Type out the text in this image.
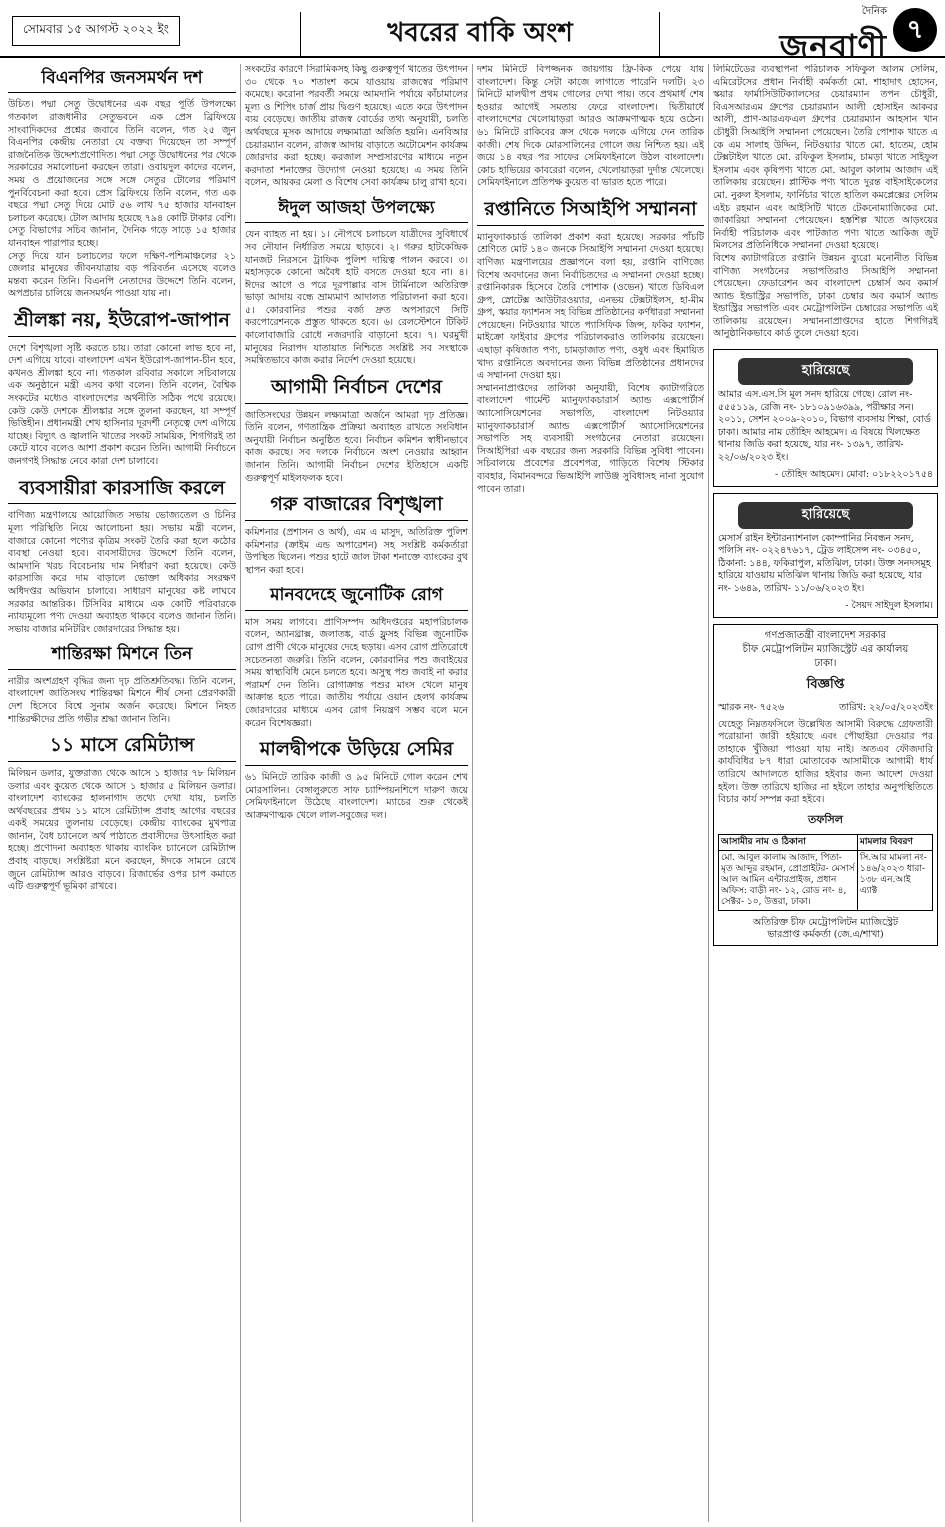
সোমবার ১৫ আগস্ট ২০২২ ইং	খবরের বাকি অংশ
দৈনিক
জনবাণী ৭
বিএনপির জনসমর্থন দশ
উচিত। পদ্মা সেতু উদ্বোধনের এক বছর পূর্তি উপলক্ষ্যে গতকাল রাজধানীর সেতুভবনে এক প্রেস ব্রিফিংয়ে সাংবাদিকদের প্রশ্নের জবাবে তিনি বলেন, গত ২৫ জুন বিএনপির কেন্দ্রীয় নেতারা যে বক্তব্য দিয়েছেন তা সম্পূর্ণ রাজনৈতিক উদ্দেশ্যপ্রণোদিত। পদ্মা সেতু উদ্বোধনের পর থেকে সরকারের সমালোচনা করছেন তারা। ওবায়দুল কাদের বলেন, সময় ও প্রয়োজনের সঙ্গে সঙ্গে সেতুর টোলের পরিমাণ পুনর্বিবেচনা করা হবে। প্রেস ব্রিফিংয়ে তিনি বলেন, গত এক বছরে পদ্মা সেতু দিয়ে মোট ৫৬ লাখ ৭৫ হাজার যানবাহন চলাচল করেছে। টোল আদায় হয়েছে ৭৯৪ কোটি টাকার বেশি। সেতু বিভাগের সচিব জানান, দৈনিক গড়ে সাড়ে ১৫ হাজার যানবাহন পারাপার হচ্ছে।
সেতু দিয়ে যান চলাচলের ফলে দক্ষিণ-পশ্চিমাঞ্চলের ২১ জেলার মানুষের জীবনযাত্রায় বড় পরিবর্তন এসেছে বলেও মন্তব্য করেন তিনি। বিএনপি নেতাদের উদ্দেশে তিনি বলেন, অপপ্রচার চালিয়ে জনসমর্থন পাওয়া যায় না।
শ্রীলঙ্কা নয়, ইউরোপ-জাপান
দেশে বিশৃঙ্খলা সৃষ্টি করতে চায়। তারা কোনো লাভ হবে না, দেশ এগিয়ে যাবে। বাংলাদেশ এখন ইউরোপ-জাপান-চীন হবে, কখনও শ্রীলঙ্কা হবে না। গতকাল রবিবার সকালে সচিবালয়ে এক অনুষ্ঠানে মন্ত্রী এসব কথা বলেন। তিনি বলেন, বৈশ্বিক সংকটের মধ্যেও বাংলাদেশের অর্থনীতি সঠিক পথে রয়েছে। কেউ কেউ দেশকে শ্রীলঙ্কার সঙ্গে তুলনা করছেন, যা সম্পূর্ণ ভিত্তিহীন। প্রধানমন্ত্রী শেখ হাসিনার দূরদর্শী নেতৃত্বে দেশ এগিয়ে যাচ্ছে। বিদ্যুৎ ও জ্বালানি খাতের সংকট সাময়িক, শিগগিরই তা কেটে যাবে বলেও আশা প্রকাশ করেন তিনি। আগামী নির্বাচনে জনগণই সিদ্ধান্ত নেবে কারা দেশ চালাবে।
ব্যবসায়ীরা কারসাজি করলে
বাণিজ্য মন্ত্রণালয়ে আয়োজিত সভায় ভোজ্যতেল ও চিনির মূল্য পরিস্থিতি নিয়ে আলোচনা হয়। সভায় মন্ত্রী বলেন, বাজারে কোনো পণ্যের কৃত্রিম সংকট তৈরি করা হলে কঠোর ব্যবস্থা নেওয়া হবে। ব্যবসায়ীদের উদ্দেশে তিনি বলেন, আমদানি খরচ বিবেচনায় দাম নির্ধারণ করা হয়েছে। কেউ কারসাজি করে দাম বাড়ালে ভোক্তা অধিকার সংরক্ষণ অধিদপ্তর অভিযান চালাবে। সাধারণ মানুষের কষ্ট লাঘবে সরকার আন্তরিক। টিসিবির মাধ্যমে এক কোটি পরিবারকে ন্যায্যমূল্যে পণ্য দেওয়া অব্যাহত থাকবে বলেও জানান তিনি। সভায় বাজার মনিটরিং জোরদারের সিদ্ধান্ত হয়।
শান্তিরক্ষা মিশনে তিন
নারীর অংশগ্রহণ বৃদ্ধির জন্য দৃঢ় প্রতিশ্রুতিবদ্ধ। তিনি বলেন, বাংলাদেশ জাতিসংঘ শান্তিরক্ষা মিশনে শীর্ষ সেনা প্রেরণকারী দেশ হিসেবে বিশ্বে সুনাম অর্জন করেছে। মিশনে নিহত শান্তিরক্ষীদের প্রতি গভীর শ্রদ্ধা জানান তিনি।
১১ মাসে রেমিট্যান্স
মিলিয়ন ডলার, যুক্তরাজ্য থেকে আসে ১ হাজার ৭৮ মিলিয়ন ডলার এবং কুয়েত থেকে আসে ১ হাজার ৫ মিলিয়ন ডলার। বাংলাদেশ ব্যাংকের হালনাগাদ তথ্যে দেখা যায়, চলতি অর্থবছরের প্রথম ১১ মাসে রেমিট্যান্স প্রবাহ আগের বছরের একই সময়ের তুলনায় বেড়েছে। কেন্দ্রীয় ব্যাংকের মুখপাত্র জানান, বৈধ চ্যানেলে অর্থ পাঠাতে প্রবাসীদের উৎসাহিত করা হচ্ছে। প্রণোদনা অব্যাহত থাকায় ব্যাংকিং চ্যানেলে রেমিট্যান্স প্রবাহ বাড়ছে। সংশ্লিষ্টরা মনে করছেন, ঈদকে সামনে রেখে জুনে রেমিট্যান্স আরও বাড়বে। রিজার্ভের ওপর চাপ কমাতে এটি গুরুত্বপূর্ণ ভূমিকা রাখবে।
সংকটের কারণে সিরামিকসহ কিছু গুরুত্বপূর্ণ খাতের উৎপাদন ৩০ থেকে ৭০ শতাংশ কমে যাওয়ায় রাজস্বের পরিমাণ কমেছে। করোনা পরবর্তী সময়ে আমদানি পর্যায়ে কাঁচামালের মূল্য ও শিপিং চার্জ প্রায় দ্বিগুণ হয়েছে। এতে করে উৎপাদন ব্যয় বেড়েছে। জাতীয় রাজস্ব বোর্ডের তথ্য অনুযায়ী, চলতি অর্থবছরে মূসক আদায়ে লক্ষ্যমাত্রা অর্জিত হয়নি। এনবিআর চেয়ারম্যান বলেন, রাজস্ব আদায় বাড়াতে অটোমেশন কার্যক্রম জোরদার করা হচ্ছে। করজাল সম্প্রসারণের মাধ্যমে নতুন করদাতা শনাক্তের উদ্যোগ নেওয়া হয়েছে। এ সময় তিনি বলেন, আয়কর মেলা ও বিশেষ সেবা কার্যক্রম চালু রাখা হবে।
ঈদুল আজহা উপলক্ষ্যে
যেন ব্যাহত না হয়। ১। নৌপথে চলাচলে যাত্রীদের সুবিধার্থে সব নৌযান নির্ধারিত সময়ে ছাড়বে। ২। গরুর হাটকেন্দ্রিক যানজট নিরসনে ট্রাফিক পুলিশ দায়িত্ব পালন করবে। ৩। মহাসড়কে কোনো অবৈধ হাট বসতে দেওয়া হবে না। ৪। ঈদের আগে ও পরে দূরপাল্লার বাস টার্মিনালে অতিরিক্ত ভাড়া আদায় বন্ধে ভ্রাম্যমাণ আদালত পরিচালনা করা হবে। ৫। কোরবানির পশুর বর্জ্য দ্রুত অপসারণে সিটি করপোরেশনকে প্রস্তুত থাকতে হবে। ৬। রেলস্টেশনে টিকিট কালোবাজারি রোধে নজরদারি বাড়ানো হবে। ৭। ঘরমুখী মানুষের নিরাপদ যাতায়াত নিশ্চিতে সংশ্লিষ্ট সব সংস্থাকে সমন্বিতভাবে কাজ করার নির্দেশ দেওয়া হয়েছে।
আগামী নির্বাচন দেশের
জাতিসংঘের উন্নয়ন লক্ষ্যমাত্রা অর্জনে আমরা দৃঢ় প্রতিজ্ঞ। তিনি বলেন, গণতান্ত্রিক প্রক্রিয়া অব্যাহত রাখতে সংবিধান অনুযায়ী নির্বাচন অনুষ্ঠিত হবে। নির্বাচন কমিশন স্বাধীনভাবে কাজ করছে। সব দলকে নির্বাচনে অংশ নেওয়ার আহ্বান জানান তিনি। আগামী নির্বাচন দেশের ইতিহাসে একটি গুরুত্বপূর্ণ মাইলফলক হবে।
গরু বাজারের বিশৃঙ্খলা
কমিশনার (প্রশাসন ও অর্থ), এম এ মাসুদ, অতিরিক্ত পুলিশ কমিশনার (ক্রাইম এন্ড অপারেশন) সহ সংশ্লিষ্ট কর্মকর্তারা উপস্থিত ছিলেন। পশুর হাটে জাল টাকা শনাক্তে ব্যাংকের বুথ স্থাপন করা হবে।
মানবদেহে জুনোটিক রোগ
মাস সময় লাগবে। প্রাণিসম্পদ অধিদপ্তরের মহাপরিচালক বলেন, অ্যানথ্রাক্স, জলাতঙ্ক, বার্ড ফ্লুসহ বিভিন্ন জুনোটিক রোগ প্রাণী থেকে মানুষের দেহে ছড়ায়। এসব রোগ প্রতিরোধে সচেতনতা জরুরি। তিনি বলেন, কোরবানির পশু জবাইয়ের সময় স্বাস্থ্যবিধি মেনে চলতে হবে। অসুস্থ পশু জবাই না করার পরামর্শ দেন তিনি। রোগাক্রান্ত পশুর মাংস খেলে মানুষ আক্রান্ত হতে পারে। জাতীয় পর্যায়ে ওয়ান হেলথ কার্যক্রম জোরদারের মাধ্যমে এসব রোগ নিয়ন্ত্রণ সম্ভব বলে মনে করেন বিশেষজ্ঞরা।
মালদ্বীপকে উড়িয়ে সেমির
৬১ মিনিটে তারিক কাজী ও ৯৫ মিনিটে গোল করেন শেখ মোরসালিন। বেঙ্গালুরুতে সাফ চ্যাম্পিয়নশিপে দারুণ জয়ে সেমিফাইনালে উঠেছে বাংলাদেশ। ম্যাচের শুরু থেকেই আক্রমণাত্মক খেলে লাল-সবুজের দল।
দশম মিনিটে বিপজ্জনক জায়গায় ফ্রি-কিক পেয়ে যায় বাংলাদেশ। কিন্তু সেটা কাজে লাগাতে পারেনি দলটি। ২৩ মিনিটে মালদ্বীপ প্রথম গোলের দেখা পায়। তবে প্রথমার্ধ শেষ হওয়ার আগেই সমতায় ফেরে বাংলাদেশ। দ্বিতীয়ার্ধে বাংলাদেশের খেলোয়াড়রা আরও আক্রমণাত্মক হয়ে ওঠেন। ৬১ মিনিটে রাকিবের ক্রস থেকে দলকে এগিয়ে দেন তারিক কাজী। শেষ দিকে মোরসালিনের গোলে জয় নিশ্চিত হয়। এই জয়ে ১৪ বছর পর সাফের সেমিফাইনালে উঠল বাংলাদেশ। কোচ হাভিয়ের কাবরেরা বলেন, খেলোয়াড়রা দুর্দান্ত খেলেছে। সেমিফাইনালে প্রতিপক্ষ কুয়েত বা ভারত হতে পারে।
রপ্তানিতে সিআইপি সম্মাননা
ম্যানুফ্যাকচার্ড তালিকা প্রকাশ করা হয়েছে। সরকার পাঁচটি শ্রেণিতে মোট ১৪০ জনকে সিআইপি সম্মাননা দেওয়া হয়েছে। বাণিজ্য মন্ত্রণালয়ের প্রজ্ঞাপনে বলা হয়, রপ্তানি বাণিজ্যে বিশেষ অবদানের জন্য নির্বাচিতদের এ সম্মাননা দেওয়া হচ্ছে। রপ্তানিকারক হিসেবে তৈরি পোশাক (ওভেন) খাতে ডিবিএল গ্রুপ, স্নোটেক্স আউটারওয়্যার, এনভয় টেক্সটাইলস, হা-মীম গ্রুপ, স্কয়ার ফ্যাশনস সহ বিভিন্ন প্রতিষ্ঠানের কর্ণধাররা সম্মাননা পেয়েছেন। নিটওয়্যার খাতে প্যাসিফিক জিন্স, ফকির ফ্যাশন, মাইক্রো ফাইবার গ্রুপের পরিচালকরাও তালিকায় রয়েছেন। এছাড়া কৃষিজাত পণ্য, চামড়াজাত পণ্য, ওষুধ এবং হিমায়িত খাদ্য রপ্তানিতে অবদানের জন্য বিভিন্ন প্রতিষ্ঠানের প্রধানদের এ সম্মাননা দেওয়া হয়।
সম্মাননাপ্রাপ্তদের তালিকা অনুযায়ী, বিশেষ ক্যাটাগরিতে বাংলাদেশ গার্মেন্ট ম্যানুফ্যাকচারার্স অ্যান্ড এক্সপোর্টার্স অ্যাসোসিয়েশনের সভাপতি, বাংলাদেশ নিটওয়্যার ম্যানুফ্যাকচারার্স অ্যান্ড এক্সপোর্টার্স অ্যাসোসিয়েশনের সভাপতি সহ ব্যবসায়ী সংগঠনের নেতারা রয়েছেন। সিআইপিরা এক বছরের জন্য সরকারি বিভিন্ন সুবিধা পাবেন। সচিবালয়ে প্রবেশের প্রবেশপত্র, গাড়িতে বিশেষ স্টিকার ব্যবহার, বিমানবন্দরে ভিআইপি লাউঞ্জ সুবিধাসহ নানা সুযোগ পাবেন তারা।
লিমিটেডের ব্যবস্থাপনা পরিচালক সফিকুল আলম সেলিম, এমিরেটসের প্রধান নির্বাহী কর্মকর্তা মো. শাহাদাৎ হোসেন, স্কয়ার ফার্মাসিউটিক্যালসের চেয়ারম্যান তপন চৌধুরী, বিএসআরএম গ্রুপের চেয়ারম্যান আলী হোসাইন আকবর আলী, প্রাণ-আরএফএল গ্রুপের চেয়ারম্যান আহসান খান চৌধুরী সিআইপি সম্মাননা পেয়েছেন। তৈরি পোশাক খাতে এ কে এম সালাহ উদ্দিন, নিটওয়্যার খাতে মো. হাতেম, হোম টেক্সটাইল খাতে মো. রফিকুল ইসলাম, চামড়া খাতে সাইফুল ইসলাম এবং কৃষিপণ্য খাতে মো. আবুল কালাম আজাদ এই তালিকায় রয়েছেন। প্লাস্টিক পণ্য খাতে দুরন্ত বাইসাইকেলের মো. নুরুল ইসলাম, ফার্নিচার খাতে হাতিল কমপ্লেক্সের সেলিম এইচ রহমান এবং আইসিটি খাতে টেকনোম্যাজিকের মো. জাকারিয়া সম্মাননা পেয়েছেন। হস্তশিল্প খাতে আড়ংয়ের নির্বাহী পরিচালক এবং পাটজাত পণ্য খাতে আকিজ জুট মিলসের প্রতিনিধিকে সম্মাননা দেওয়া হয়েছে।
বিশেষ ক্যাটাগরিতে রপ্তানি উন্নয়ন ব্যুরো মনোনীত বিভিন্ন বাণিজ্য সংগঠনের সভাপতিরাও সিআইপি সম্মাননা পেয়েছেন। ফেডারেশন অব বাংলাদেশ চেম্বার্স অব কমার্স অ্যান্ড ইন্ডাস্ট্রির সভাপতি, ঢাকা চেম্বার অব কমার্স অ্যান্ড ইন্ডাস্ট্রির সভাপতি এবং মেট্রোপলিটন চেম্বারের সভাপতি এই তালিকায় রয়েছেন। সম্মাননাপ্রাপ্তদের হাতে শিগগিরই আনুষ্ঠানিকভাবে কার্ড তুলে দেওয়া হবে।
হারিয়েছে
আমার এস.এস.সি মূল সনদ হারিয়ে গেছে। রোল নং- ৫৫৫১১৯, রেজি নং- ১৮১০৯১৬৩৯৯, পরীক্ষার সন। ২০১১, সেশন ২০০৯-২০১০, বিভাগ ব্যবসায় শিক্ষা, বোর্ড ঢাকা। আমার নাম তৌহিদ আহমেদ। এ বিষয়ে খিলক্ষেত থানায় জিডি করা হয়েছে, যার নং- ১৩৯৭, তারিখ- ২২/০৬/২০২৩ ইং।
- তৌহিদ আহমেদ। মোবা: ০১৮২২০১৭৫৪
হারিয়েছে
মেসার্স রাইন ইন্টারন্যাশনাল কোম্পানির নিবন্ধন সনদ, পলিসি নং- ০২২৪৭৬১৭, ট্রেড লাইসেন্স নং- ০৩৪৫০, ঠিকানা: ১৪৪, ফকিরাপুল, মতিঝিল, ঢাকা। উক্ত সনদসমূহ হারিয়ে যাওয়ায় মতিঝিল থানায় জিডি করা হয়েছে, যার নং- ১৬৪৯, তারিখ- ১১/০৬/২০২৩ ইং।
- সৈয়দ সাইদুল ইসলাম।
গণপ্রজাতন্ত্রী বাংলাদেশ সরকার
চীফ মেট্রোপলিটন ম্যাজিস্ট্রেট এর কার্যালয়
ঢাকা।
বিজ্ঞপ্তি
স্মারক নং- ৭৫২৬	তারিখ: ২২/০৫/২০২৩ইং
যেহেতু নিম্নতফসিলে উল্লেখিত আসামী বিরুদ্ধে গ্রেফতারী পরোয়ানা জারী হইয়াছে এবং পৌছাইয়া দেওয়ার পর তাহাকে খুঁজিয়া পাওয়া যায় নাই। অতএব ফৌজদারি কার্যবিধির ৮৭ ধারা মোতাবেক আসামীকে আগামী ধার্য তারিখে আদালতে হাজির হইবার জন্য আদেশ দেওয়া হইল। উক্ত তারিখে হাজির না হইলে তাহার অনুপস্থিতিতে বিচার কার্য সম্পন্ন করা হইবে।
তফসিল
আসামীর নাম ও ঠিকানা	মামলার বিবরণ
মো. আবুল কালাম আজাদ, পিতা- মৃত আব্দুর রহমান, প্রোপ্রাইটর- মেসার্স আল আমিন এন্টারপ্রাইজ, প্রধান অফিস: বাড়ী নং- ১২, রোড নং- ৪, সেক্টর- ১০, উত্তরা, ঢাকা।	সি.আর মামলা নং- ১৪৬/২০২৩ ধারা- ১৩৮ এন.আই এ্যাক্ট
অতিরিক্ত চীফ মেট্রোপলিটন ম্যাজিস্ট্রেট
ভারপ্রাপ্ত কর্মকর্তা (জে.এ/শাখা)
